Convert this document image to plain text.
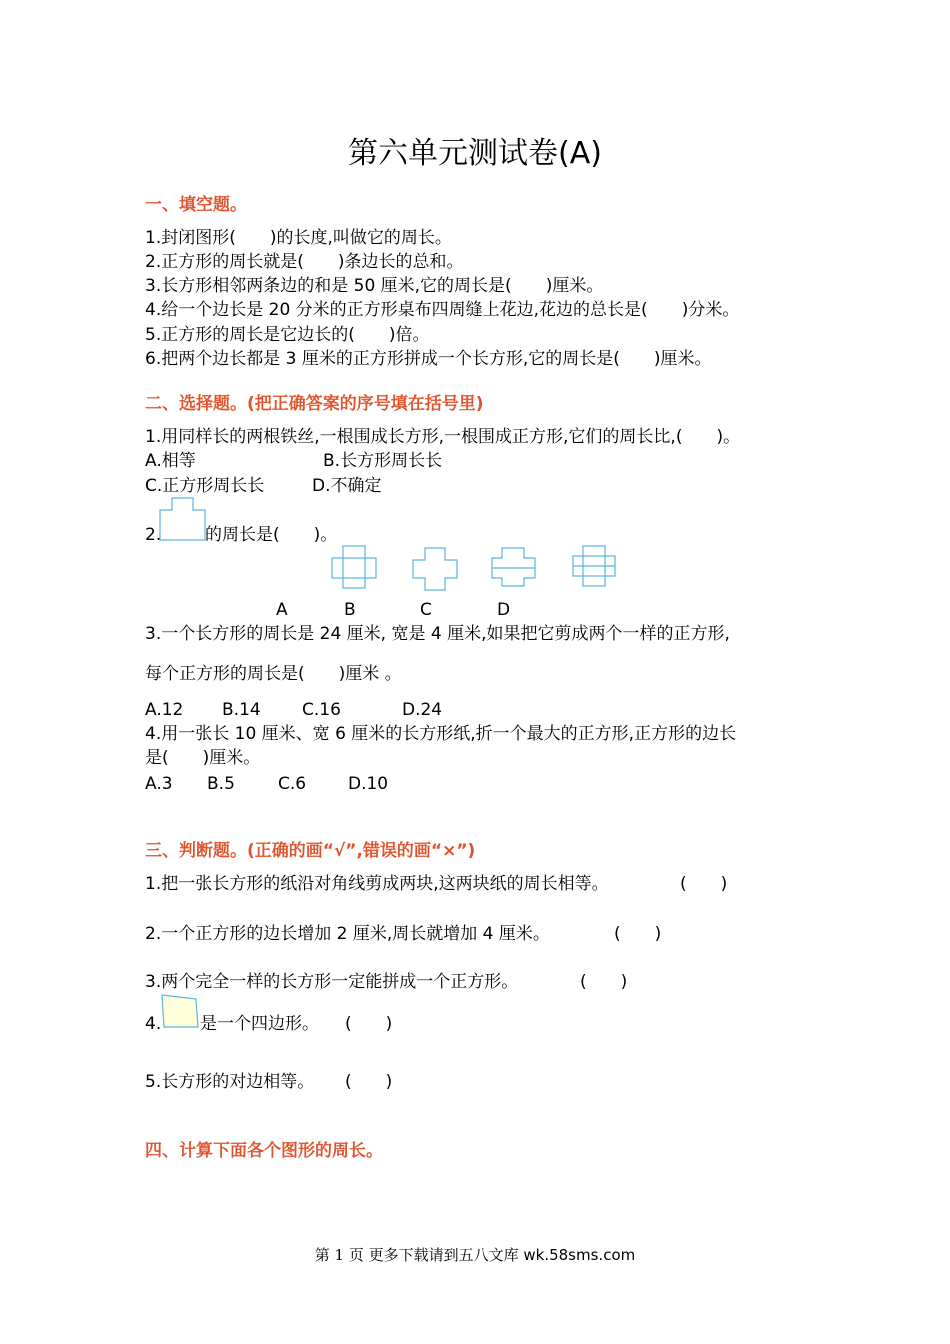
第六单元测试卷(A)
一、填空题。
1.封闭图形(　　)的长度,叫做它的周长。
2.正方形的周长就是(　　)条边长的总和。
3.长方形相邻两条边的和是 50 厘米,它的周长是(　　)厘米。
4.给一个边长是 20 分米的正方形桌布四周缝上花边,花边的总长是(　　)分米。
5.正方形的周长是它边长的(　　)倍。
6.把两个边长都是 3 厘米的正方形拼成一个长方形,它的周长是(　　)厘米。
二、选择题。(把正确答案的序号填在括号里)
1.用同样长的两根铁丝,一根围成长方形,一根围成正方形,它们的周长比,(　　)。
A.相等	B.长方形周长长
C.正方形周长长	D.不确定
2.	的周长是(　　)。
A	B	C	D
3.一个长方形的周长是 24 厘米, 宽是 4 厘米,如果把它剪成两个一样的正方形,
每个正方形的周长是(　　)厘米 。
A.12 B.14 C.16	D.24
4.用一张长 10 厘米、宽 6 厘米的长方形纸,折一个最大的正方形,正方形的边长
是(　　)厘米。
A.3 B.5	C.6 D.10
三、判断题。(正确的画“√”,错误的画“×”)
1.把一张长方形的纸沿对角线剪成两块,这两块纸的周长相等。	(　　)
2.一个正方形的边长增加 2 厘米,周长就增加 4 厘米。	(　　)
3.两个完全一样的长方形一定能拼成一个正方形。	(　　)
4. 是一个四边形。 (　　)
5.长方形的对边相等。 (　　)
四、计算下面各个图形的周长。
第 1 页 更多下载请到五八文库 wk.58sms.com
